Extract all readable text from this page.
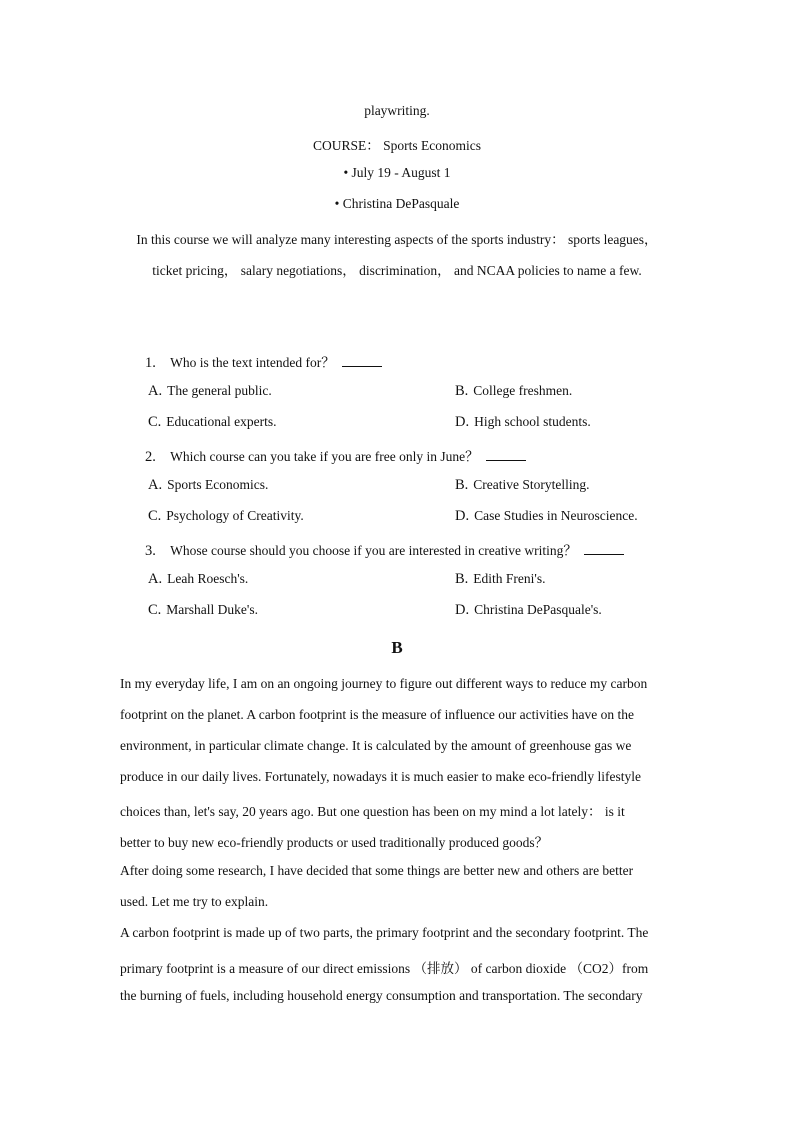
playwriting.
COURSE： Sports Economics
• July 19 - August 1
• Christina DePasquale
In this course we will analyze many interesting aspects of the sports industry： sports leagues，
ticket pricing， salary negotiations， discrimination， and NCAA policies to name a few.
1. Who is the text intended for？
A. The general public.	B. College freshmen.
C. Educational experts.	D. High school students.
2. Which course can you take if you are free only in June？
A. Sports Economics.	B. Creative Storytelling.
C. Psychology of Creativity.	D. Case Studies in Neuroscience.
3. Whose course should you choose if you are interested in creative writing？
A. Leah Roesch's.	B. Edith Freni's.
C. Marshall Duke's.	D. Christina DePasquale's.
B
In my everyday life, I am on an ongoing journey to figure out different ways to reduce my carbon
footprint on the planet. A carbon footprint is the measure of influence our activities have on the
environment, in particular climate change. It is calculated by the amount of greenhouse gas we
produce in our daily lives. Fortunately, nowadays it is much easier to make eco-friendly lifestyle
choices than, let's say, 20 years ago. But one question has been on my mind a lot lately： is it
better to buy new eco-friendly products or used traditionally produced goods？
After doing some research, I have decided that some things are better new and others are better
used. Let me try to explain.
A carbon footprint is made up of two parts, the primary footprint and the secondary footprint. The
primary footprint is a measure of our direct emissions （排放） of carbon dioxide （CO2）from
the burning of fuels, including household energy consumption and transportation. The secondary
